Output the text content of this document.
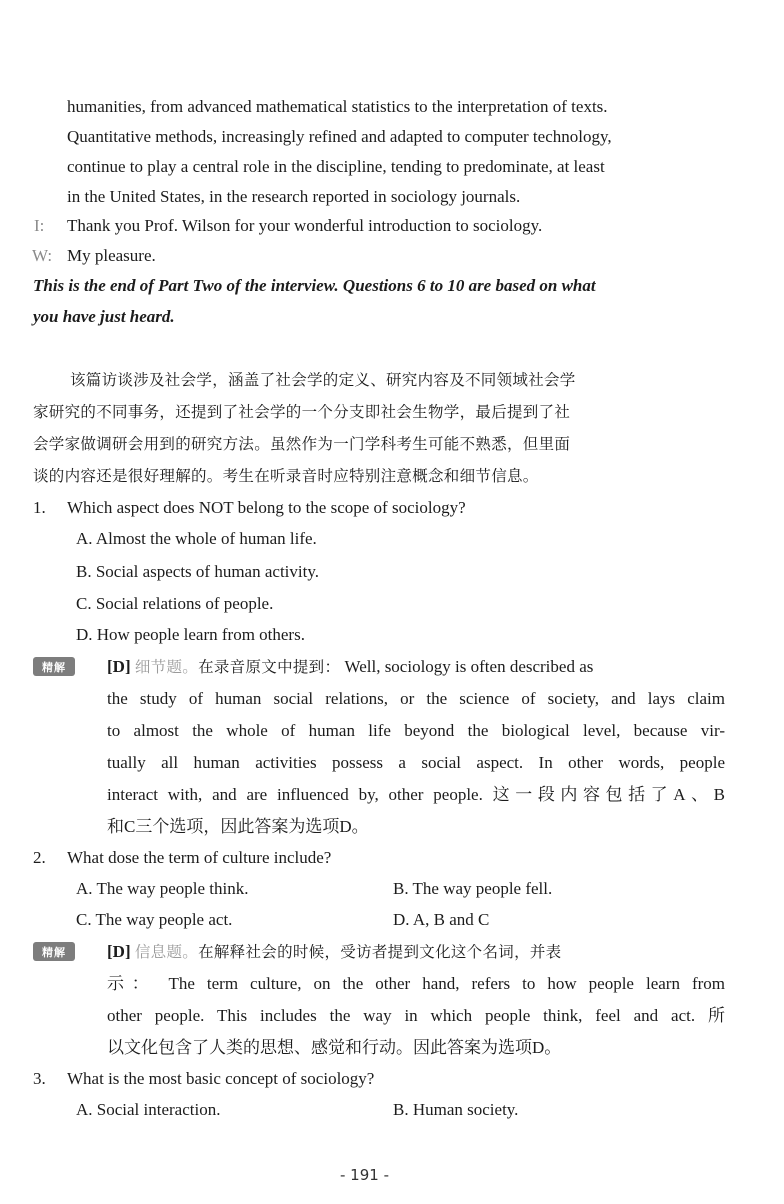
humanities, from advanced mathematical statistics to the interpretation of texts.
Quantitative methods, increasingly refined and adapted to computer technology,
continue to play a central role in the discipline, tending to predominate, at least
in the United States, in the research reported in sociology journals.
I: Thank you Prof. Wilson for your wonderful introduction to sociology.
W: My pleasure.
This is the end of Part Two of the interview. Questions 6 to 10 are based on what
you have just heard.
该篇访谈涉及社会学，涵盖了社会学的定义、研究内容及不同领域社会学
家研究的不同事务，还提到了社会学的一个分支即社会生物学，最后提到了社
会学家做调研会用到的研究方法。虽然作为一门学科考生可能不熟悉，但里面
谈的内容还是很好理解的。考生在听录音时应特别注意概念和细节信息。
1. Which aspect does NOT belong to the scope of sociology?
A. Almost the whole of human life.
B. Social aspects of human activity.
C. Social relations of people.
D. How people learn from others.
精解	[D] 细节题。在录音原文中提到： Well, sociology is often described as
the study of human social relations, or the science of society, and lays claim
to almost the whole of human life beyond the biological level, because vir-
tually all human activities possess a social aspect. In other words, people
interact with, and are influenced by, other people. 这一段内容包括了A、B
和C三个选项，因此答案为选项D。
2. What dose the term of culture include?
A. The way people think.	B. The way people fell.
C. The way people act.	D. A, B and C
精解	[D] 信息题。在解释社会的时候，受访者提到文化这个名词，并表
示： The term culture, on the other hand, refers to how people learn from
other people. This includes the way in which people think, feel and act. 所
以文化包含了人类的思想、感觉和行动。因此答案为选项D。
3. What is the most basic concept of sociology?
A. Social interaction.	B. Human society.
- 191 -
